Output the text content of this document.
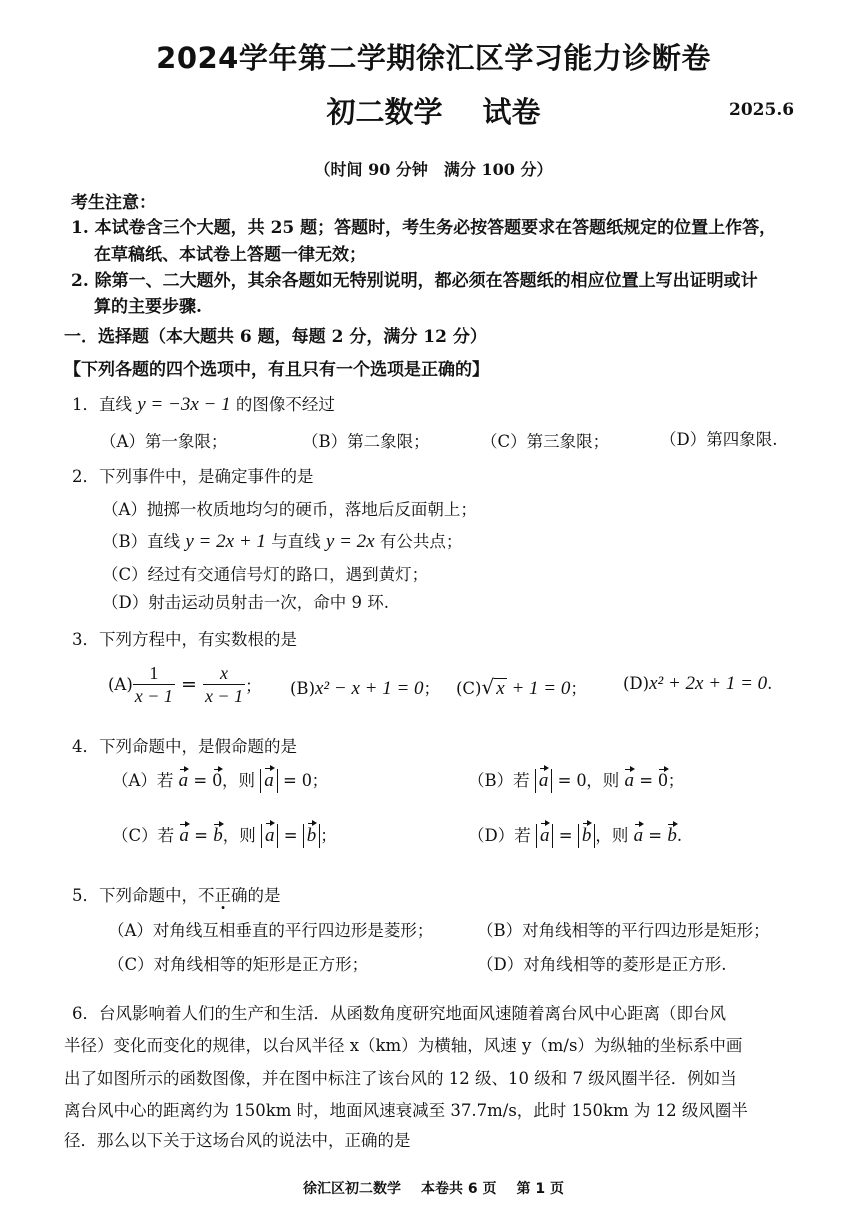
2024学年第二学期徐汇区学习能力诊断卷
初二数学 试卷	2025.6
（时间 90 分钟　满分 100 分）
考生注意：
1. 本试卷含三个大题，共 25 题；答题时，考生务必按答题要求在答题纸规定的位置上作答，
在草稿纸、本试卷上答题一律无效；
2. 除第一、二大题外，其余各题如无特别说明，都必须在答题纸的相应位置上写出证明或计
算的主要步骤.
一．选择题（本大题共 6 题，每题 2 分，满分 12 分）
【下列各题的四个选项中，有且只有一个选项是正确的】
1．直线 y = −3x − 1 的图像不经过
（A）第一象限；	（B）第二象限；	（C）第三象限；	（D）第四象限.
2．下列事件中，是确定事件的是
（A）抛掷一枚质地均匀的硬币，落地后反面朝上；
（B）直线 y = 2x + 1 与直线 y = 2x 有公共点；
（C）经过有交通信号灯的路口，遇到黄灯；
（D）射击运动员射击一次，命中 9 环.
3．下列方程中，有实数根的是
$(A) \frac{1}{x - 1} = \frac{x}{x - 1}$ ； (B)x² − x + 1 = 0； (C)√ x + 1 = 0； (D)x² + 2x + 1 = 0.
4．下列命题中，是假命题的是
（A）若 a = 0，则 a = 0；	（B）若 a = 0，则 a = 0；
（C）若 a = b，则 a = b ；	（D）若 a = b ，则 a = b.
5．下列命题中，不正确的是
（A）对角线互相垂直的平行四边形是菱形；	（B）对角线相等的平行四边形是矩形；
（C）对角线相等的矩形是正方形；	（D）对角线相等的菱形是正方形.
6．台风影响着人们的生产和生活．从函数角度研究地面风速随着离台风中心距离（即台风
半径）变化而变化的规律，以台风半径 x（km）为横轴，风速 y（m/s）为纵轴的坐标系中画
出了如图所示的函数图像，并在图中标注了该台风的 12 级、10 级和 7 级风圈半径．例如当
离台风中心的距离约为 150km 时，地面风速衰减至 37.7m/s，此时 150km 为 12 级风圈半
径．那么以下关于这场台风的说法中，正确的是
徐汇区初二数学 本卷共 6 页 第 1 页
